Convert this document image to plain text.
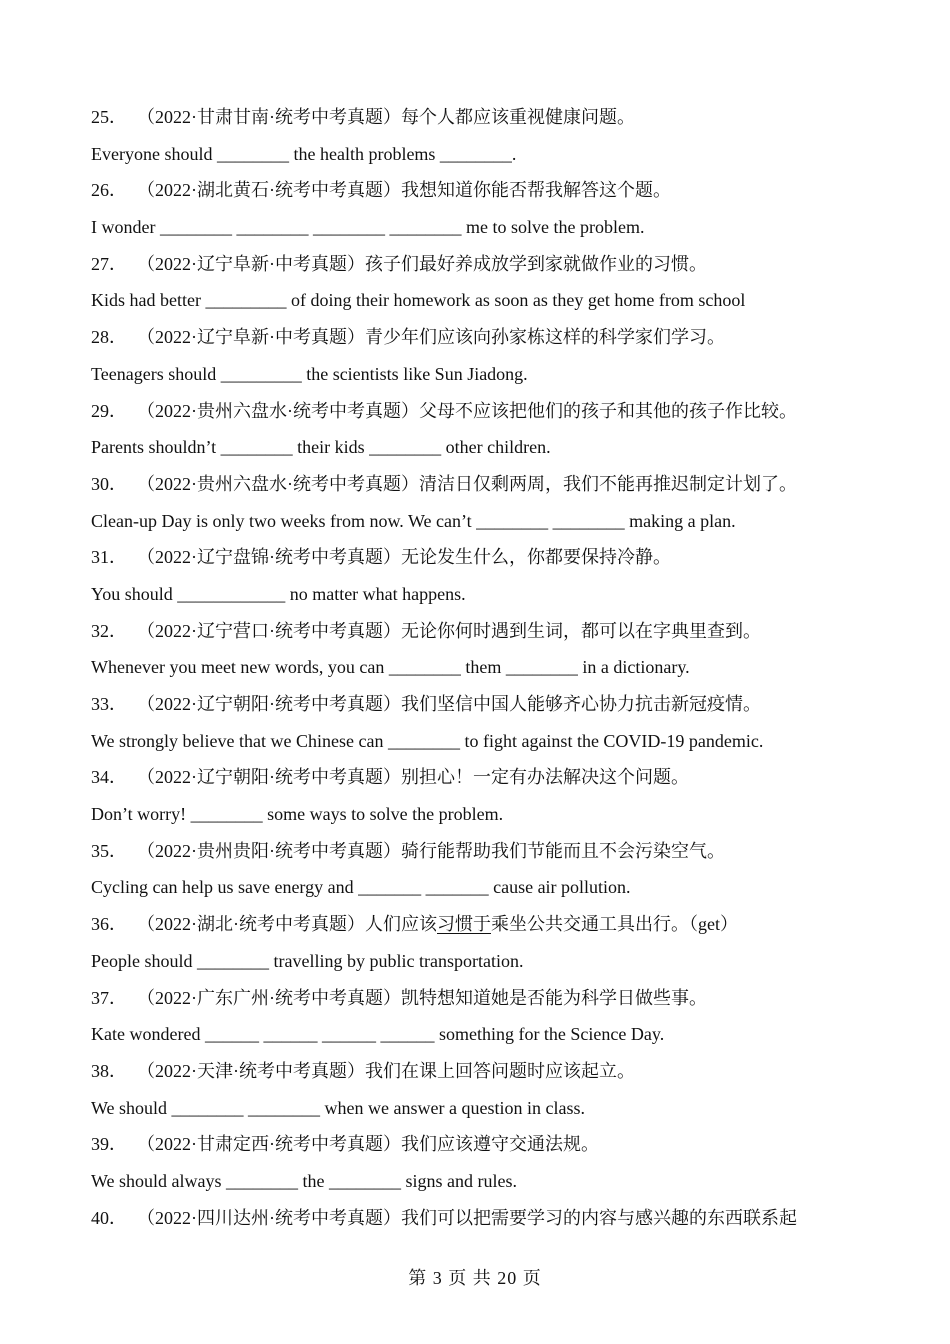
25． （2022·甘肃甘南·统考中考真题）每个人都应该重视健康问题。
Everyone should ________ the health problems ________.
26． （2022·湖北黄石·统考中考真题）我想知道你能否帮我解答这个题。
I wonder ________ ________ ________ ________ me to solve the problem.
27． （2022·辽宁阜新·中考真题）孩子们最好养成放学到家就做作业的习惯。
Kids had better _________ of doing their homework as soon as they get home from school
28． （2022·辽宁阜新·中考真题）青少年们应该向孙家栋这样的科学家们学习。
Teenagers should _________ the scientists like Sun Jiadong.
29． （2022·贵州六盘水·统考中考真题）父母不应该把他们的孩子和其他的孩子作比较。
Parents shouldn’t ________ their kids ________ other children.
30． （2022·贵州六盘水·统考中考真题）清洁日仅剩两周，我们不能再推迟制定计划了。
Clean-up Day is only two weeks from now. We can’t ________ ________ making a plan.
31． （2022·辽宁盘锦·统考中考真题）无论发生什么，你都要保持冷静。
You should ____________ no matter what happens.
32． （2022·辽宁营口·统考中考真题）无论你何时遇到生词，都可以在字典里查到。
Whenever you meet new words, you can ________ them ________ in a dictionary.
33． （2022·辽宁朝阳·统考中考真题）我们坚信中国人能够齐心协力抗击新冠疫情。
We strongly believe that we Chinese can ________ to fight against the COVID-19 pandemic.
34． （2022·辽宁朝阳·统考中考真题）别担心！一定有办法解决这个问题。
Don’t worry! ________ some ways to solve the problem.
35． （2022·贵州贵阳·统考中考真题）骑行能帮助我们节能而且不会污染空气。
Cycling can help us save energy and _______ _______ cause air pollution.
36． （2022·湖北·统考中考真题）人们应该习惯于乘坐公共交通工具出行。（get）
People should ________ travelling by public transportation.
37． （2022·广东广州·统考中考真题）凯特想知道她是否能为科学日做些事。
Kate wondered ______ ______ ______ ______ something for the Science Day.
38． （2022·天津·统考中考真题）我们在课上回答问题时应该起立。
We should ________ ________ when we answer a question in class.
39． （2022·甘肃定西·统考中考真题）我们应该遵守交通法规。
We should always ________ the ________ signs and rules.
40． （2022·四川达州·统考中考真题）我们可以把需要学习的内容与感兴趣的东西联系起
第 3 页 共 20 页
